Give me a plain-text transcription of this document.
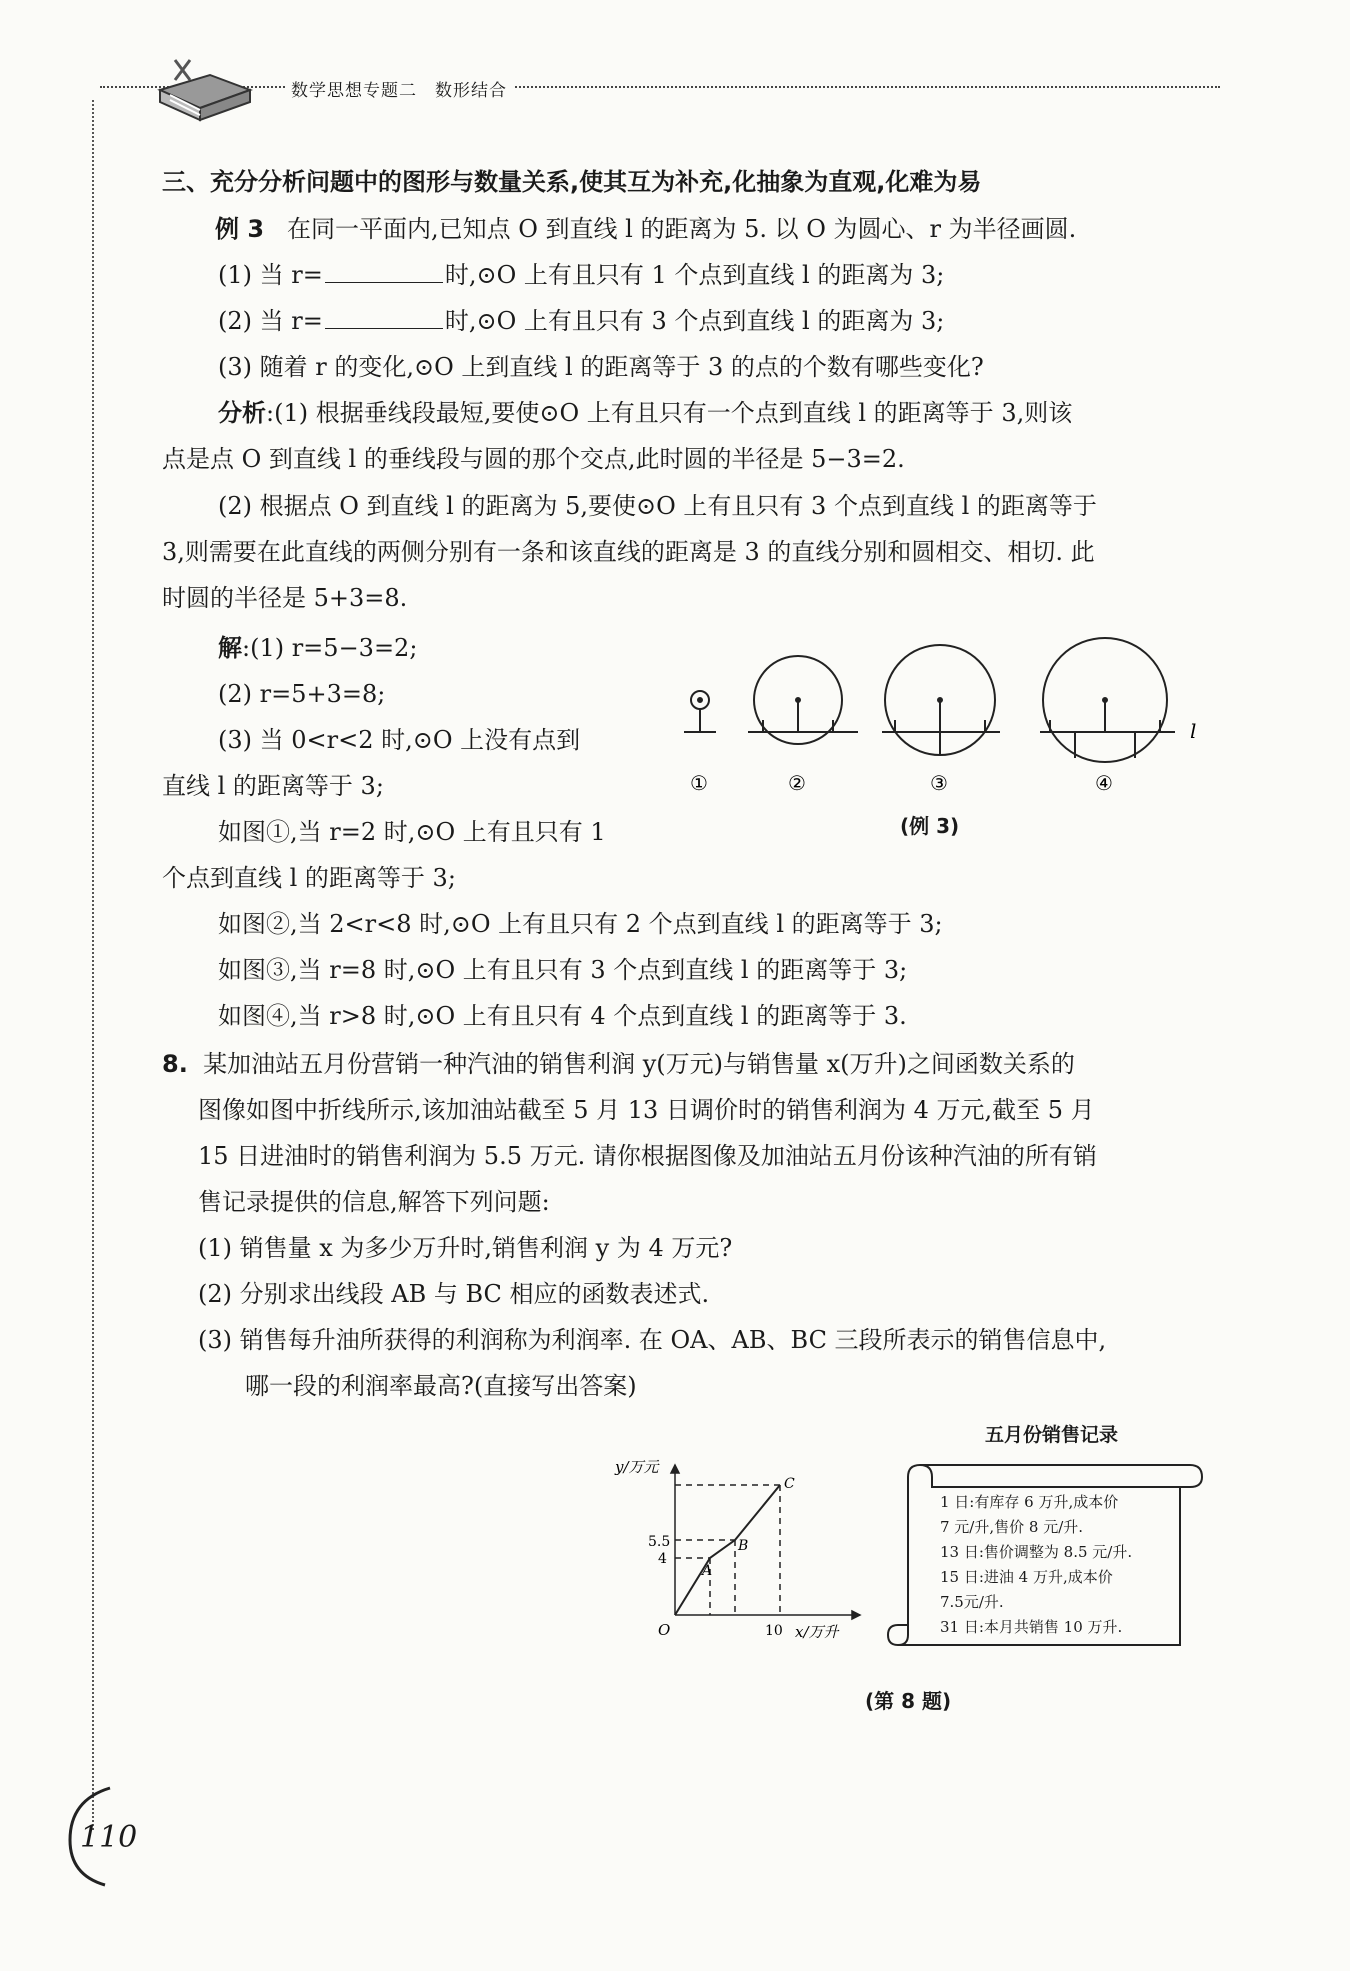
数学思想专题二　数形结合
三、充分分析问题中的图形与数量关系,使其互为补充,化抽象为直观,化难为易
例 3 在同一平面内,已知点 O 到直线 l 的距离为 5. 以 O 为圆心、r 为半径画圆.
(1) 当 r=	时,⊙O 上有且只有 1 个点到直线 l 的距离为 3;
(2) 当 r=	时,⊙O 上有且只有 3 个点到直线 l 的距离为 3;
(3) 随着 r 的变化,⊙O 上到直线 l 的距离等于 3 的点的个数有哪些变化?
分析:(1) 根据垂线段最短,要使⊙O 上有且只有一个点到直线 l 的距离等于 3,则该
点是点 O 到直线 l 的垂线段与圆的那个交点,此时圆的半径是 5−3=2.
(2) 根据点 O 到直线 l 的距离为 5,要使⊙O 上有且只有 3 个点到直线 l 的距离等于
3,则需要在此直线的两侧分别有一条和该直线的距离是 3 的直线分别和圆相交、相切. 此
时圆的半径是 5+3=8.
解:(1) r=5−3=2;
(2) r=5+3=8;
(3) 当 0<r<2 时,⊙O 上没有点到
直线 l 的距离等于 3;
如图①,当 r=2 时,⊙O 上有且只有 1
个点到直线 l 的距离等于 3;
如图②,当 2<r<8 时,⊙O 上有且只有 2 个点到直线 l 的距离等于 3;
如图③,当 r=8 时,⊙O 上有且只有 3 个点到直线 l 的距离等于 3;
如图④,当 r>8 时,⊙O 上有且只有 4 个点到直线 l 的距离等于 3.
l
①	②	③	④
(例 3)
8. 某加油站五月份营销一种汽油的销售利润 y(万元)与销售量 x(万升)之间函数关系的
图像如图中折线所示,该加油站截至 5 月 13 日调价时的销售利润为 4 万元,截至 5 月
15 日进油时的销售利润为 5.5 万元. 请你根据图像及加油站五月份该种汽油的所有销
售记录提供的信息,解答下列问题:
(1) 销售量 x 为多少万升时,销售利润 y 为 4 万元?
(2) 分别求出线段 AB 与 BC 相应的函数表述式.
(3) 销售每升油所获得的利润称为利润率. 在 OA、AB、BC 三段所表示的销售信息中,
哪一段的利润率最高?(直接写出答案)
y/万元
x/万升
O
5.5
4
10
A
B
C
五月份销售记录
1 日:有库存 6 万升,成本价
7 元/升,售价 8 元/升.
13 日:售价调整为 8.5 元/升.
15 日:进油 4 万升,成本价
7.5元/升.
31 日:本月共销售 10 万升.
(第 8 题)
110
